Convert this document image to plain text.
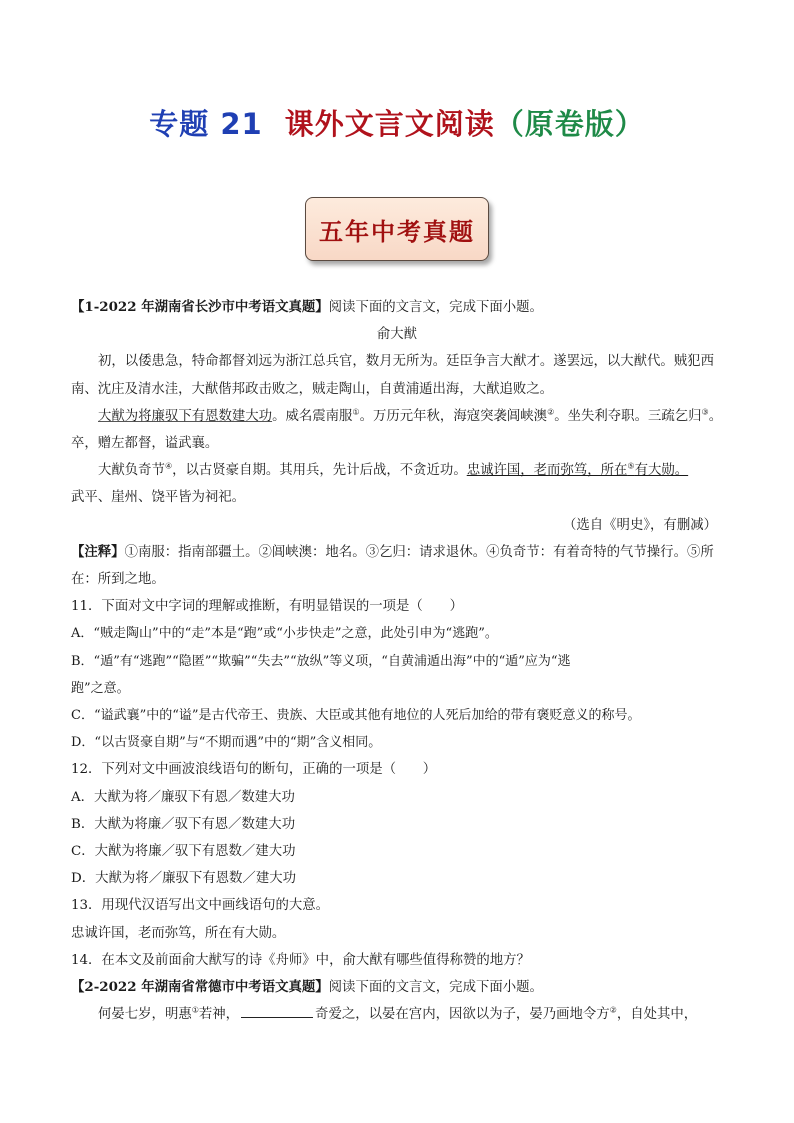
专题 21 课外文言文阅读（原卷版）
五年中考真题

【1-2022 年湖南省长沙市中考语文真题】阅读下面的文言文，完成下面小题。

俞大猷

初，以倭患急，特命都督刘远为浙江总兵官，数月无所为。廷臣争言大猷才。遂罢远，以大猷代。贼犯西南、沈庄及清水洼，大猷偕邦政击败之，贼走陶山，自黄浦遁出海，大猷追败之。

大猷为将廉驭下有恩数建大功。威名震南服①。万历元年秋，海寇突袭阊峡澳②。坐失利夺职。三疏乞归③。卒，赠左都督，谥武襄。

大猷负奇节④，以古贤豪自期。其用兵，先计后战，不贪近功。忠诚许国，老而弥笃，所在⑤有大勋。

武平、崖州、饶平皆为祠祀。

（选自《明史》，有删减）

【注释】①南服：指南部疆土。②阊峡澳：地名。③乞归：请求退休。④负奇节：有着奇特的气节操行。⑤所

在：所到之地。

11．下面对文中字词的理解或推断，有明显错误的一项是（　　）

A．“贼走陶山”中的“走”本是“跑”或“小步快走”之意，此处引申为“逃跑”。

B．“遁”有“逃跑”“隐匿”“欺骗”“失去”“放纵”等义项，“自黄浦遁出海”中的“遁”应为“逃

跑”之意。

C．“谥武襄”中的“谥”是古代帝王、贵族、大臣或其他有地位的人死后加给的带有褒贬意义的称号。

D．“以古贤豪自期”与“不期而遇”中的“期”含义相同。

12．下列对文中画波浪线语句的断句，正确的一项是（　　）

A．大猷为将／廉驭下有恩／数建大功

B．大猷为将廉／驭下有恩／数建大功

C．大猷为将廉／驭下有恩数／建大功

D．大猷为将／廉驭下有恩数／建大功

13．用现代汉语写出文中画线语句的大意。

忠诚许国，老而弥笃，所在有大勋。

14．在本文及前面俞大猷写的诗《舟师》中，俞大猷有哪些值得称赞的地方？

【2-2022 年湖南省常德市中考语文真题】阅读下面的文言文，完成下面小题。

何晏七岁，明惠①若神，	奇爱之，以晏在宫内，因欲以为子，晏乃画地令方②，自处其中，
